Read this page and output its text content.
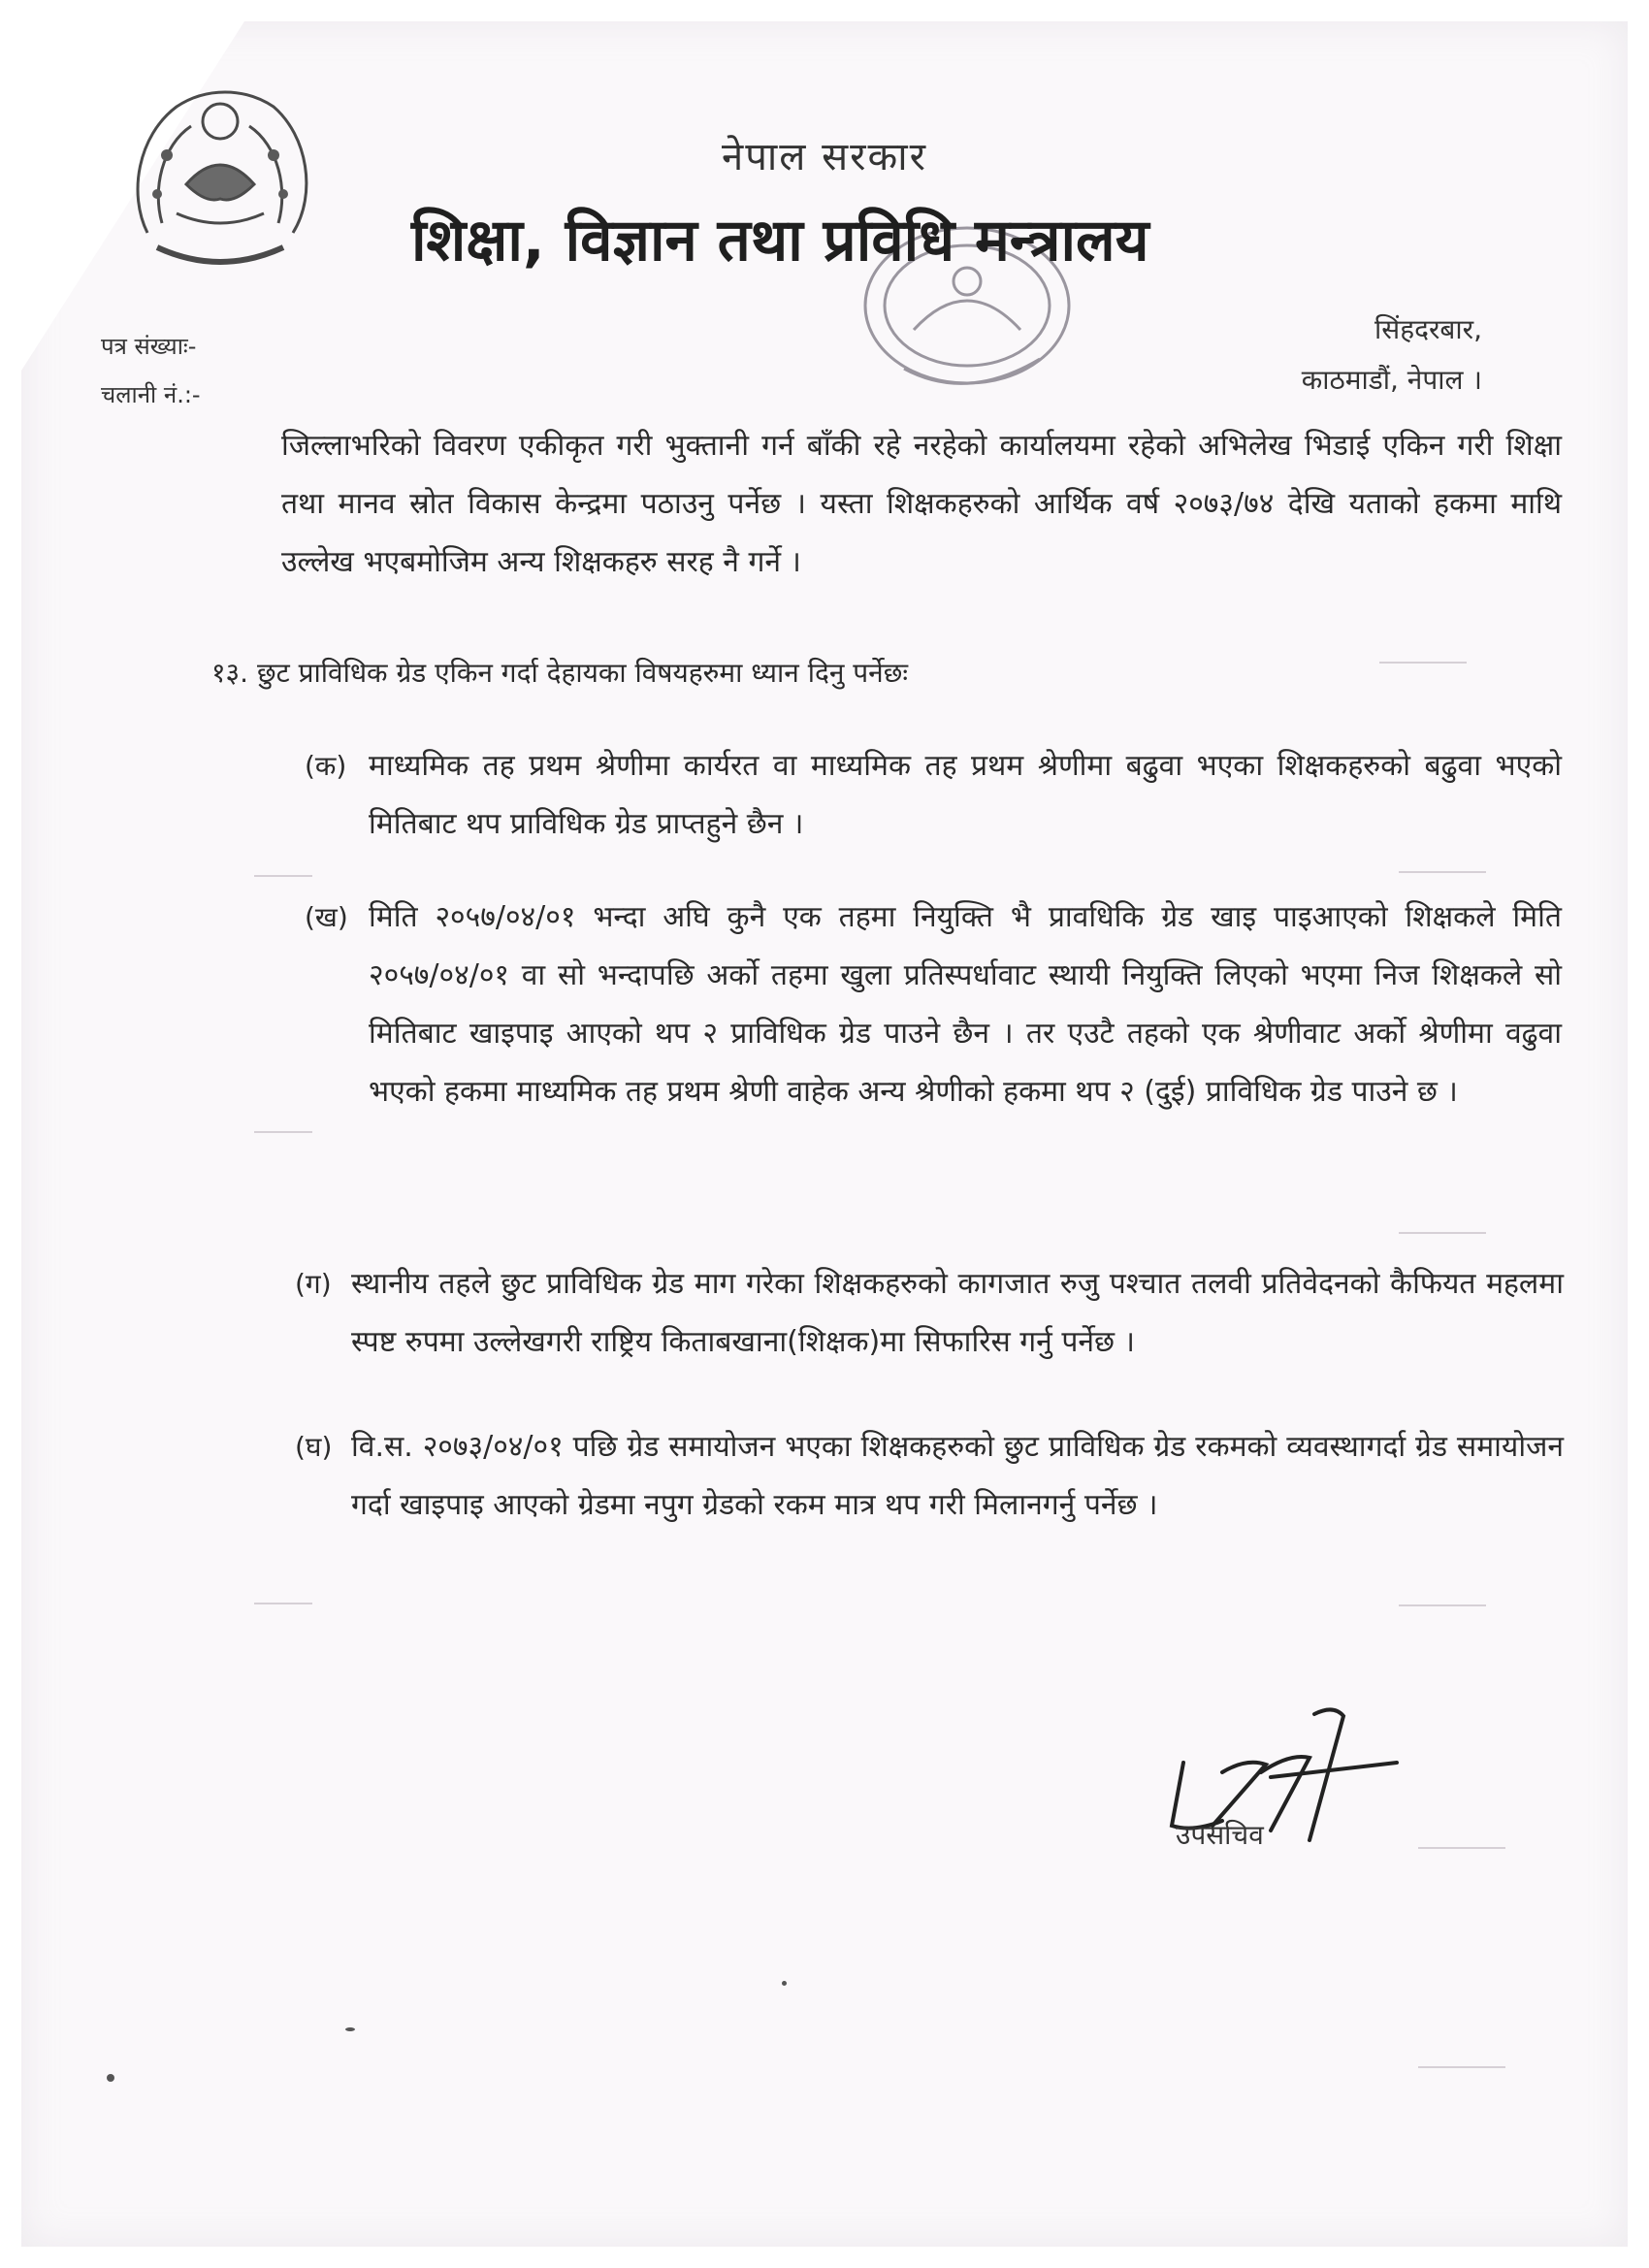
नेपाल सरकार
शिक्षा, विज्ञान तथा प्रविधि मन्त्रालय
पत्र संख्याः-
चलानी नं.:-
सिंहदरबार,
काठमाडौं, नेपाल ।
जिल्लाभरिको विवरण एकीकृत गरी भुक्तानी गर्न बाँकी रहे नरहेको कार्यालयमा रहेको अभिलेख भिडाई एकिन गरी शिक्षा तथा मानव स्रोत विकास केन्द्रमा पठाउनु पर्नेछ । यस्ता शिक्षकहरुको आर्थिक वर्ष २०७३/७४ देखि यताको हकमा माथि उल्लेख भएबमोजिम अन्य शिक्षकहरु सरह नै गर्ने ।
१३. छुट प्राविधिक ग्रेड एकिन गर्दा देहायका विषयहरुमा ध्यान दिनु पर्नेछः
(क) माध्यमिक तह प्रथम श्रेणीमा कार्यरत वा माध्यमिक तह प्रथम श्रेणीमा बढुवा भएका शिक्षकहरुको बढुवा भएको मितिबाट थप प्राविधिक ग्रेड प्राप्तहुने छैन ।
(ख) मिति २०५७/०४/०१ भन्दा अघि कुनै एक तहमा नियुक्ति भै प्रावधिकि ग्रेड खाइ पाइआएको शिक्षकले मिति २०५७/०४/०१ वा सो भन्दापछि अर्को तहमा खुला प्रतिस्पर्धावाट स्थायी नियुक्ति लिएको भएमा निज शिक्षकले सो मितिबाट खाइपाइ आएको थप २ प्राविधिक ग्रेड पाउने छैन । तर एउटै तहको एक श्रेणीवाट अर्को श्रेणीमा वढुवा भएको हकमा माध्यमिक तह प्रथम श्रेणी वाहेक अन्य श्रेणीको हकमा थप २ (दुई) प्राविधिक ग्रेड पाउने छ ।
(ग) स्थानीय तहले छुट प्राविधिक ग्रेड माग गरेका शिक्षकहरुको कागजात रुजु पश्चात तलवी प्रतिवेदनको कैफियत महलमा स्पष्ट रुपमा उल्लेखगरी राष्ट्रिय किताबखाना(शिक्षक)मा सिफारिस गर्नु पर्नेछ ।
(घ) वि.स. २०७३/०४/०१ पछि ग्रेड समायोजन भएका शिक्षकहरुको छुट प्राविधिक ग्रेड रकमको व्यवस्थागर्दा ग्रेड समायोजन गर्दा खाइपाइ आएको ग्रेडमा नपुग ग्रेडको रकम मात्र थप गरी मिलानगर्नु पर्नेछ ।
उपसचिव
